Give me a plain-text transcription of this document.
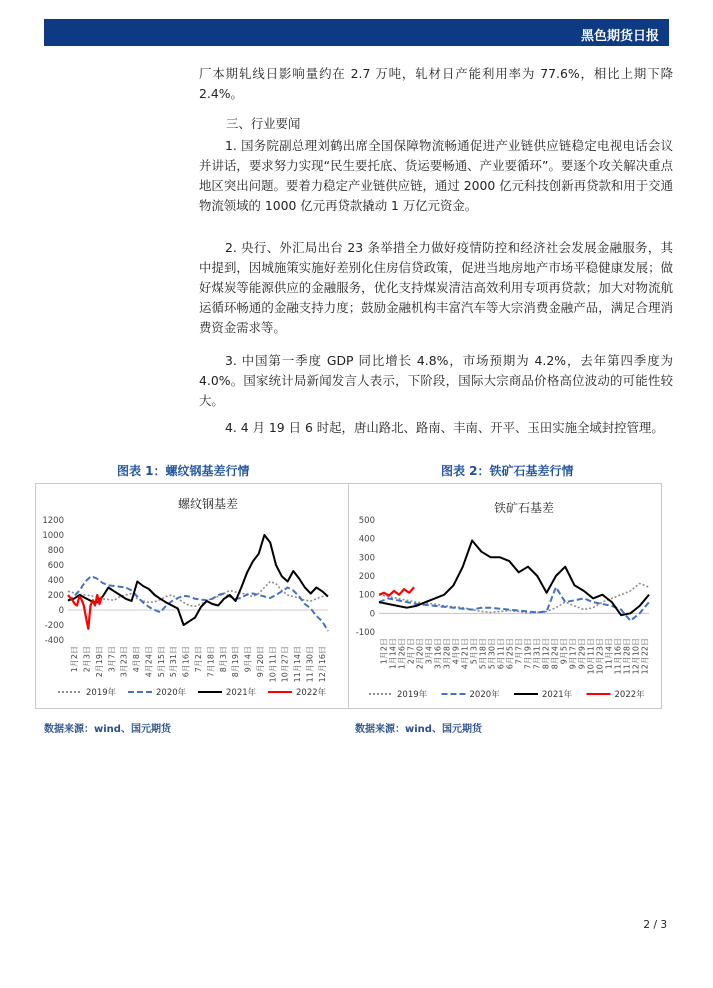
黑色期货日报

厂本期轧线日影响量约在 2.7 万吨，轧材日产能利用率为 77.6%，相比上期下降 2.4%。

三、行业要闻

1. 国务院副总理刘鹤出席全国保障物流畅通促进产业链供应链稳定电视电话会议并讲话，要求努力实现“民生要托底、货运要畅通、产业要循环”。要逐个攻关解决重点地区突出问题。要着力稳定产业链供应链，通过 2000 亿元科技创新再贷款和用于交通物流领域的 1000 亿元再贷款撬动 1 万亿元资金。

2. 央行、外汇局出台 23 条举措全力做好疫情防控和经济社会发展金融服务，其中提到，因城施策实施好差别化住房信贷政策，促进当地房地产市场平稳健康发展；做好煤炭等能源供应的金融服务，优化支持煤炭清洁高效利用专项再贷款；加大对物流航运循环畅通的金融支持力度；鼓励金融机构丰富汽车等大宗消费金融产品，满足合理消费资金需求等。

3. 中国第一季度 GDP 同比增长 4.8%，市场预期为 4.2%，去年第四季度为 4.0%。国家统计局新闻发言人表示，下阶段，国际大宗商品价格高位波动的可能性较大。

4. 4 月 19 日 6 时起，唐山路北、路南、丰南、开平、玉田实施全域封控管理。

图表 1：螺纹钢基差行情	图表 2：铁矿石基差行情
螺纹钢基差
-400
-200
0
200
400
600
800
1000
1200
1月2日 2月3日 2月19日 3月7日 3月23日 4月8日 4月24日 5月15日 5月31日 6月16日 7月2日 7月18日 8月3日 8月19日 9月4日 9月20日 10月11日 10月27日 11月14日 11月30日 12月16日
2019年	2020年	2021年	2022年
铁矿石基差
-100
0
100
200
300
400
500
1月2日 1月14日 1月26日 2月7日 2月20日 3月4日 3月16日 3月28日 4月9日 4月21日 5月3日 5月18日 5月30日 6月11日 6月25日 7月7日 7月19日 7月31日 8月12日 8月24日 9月5日 9月17日 9月29日 10月11日 10月23日 11月4日 11月16日 11月28日 12月10日 12月22日
2019年	2020年	2021年	2022年
数据来源：wind、国元期货	数据来源：wind、国元期货
2 / 3
